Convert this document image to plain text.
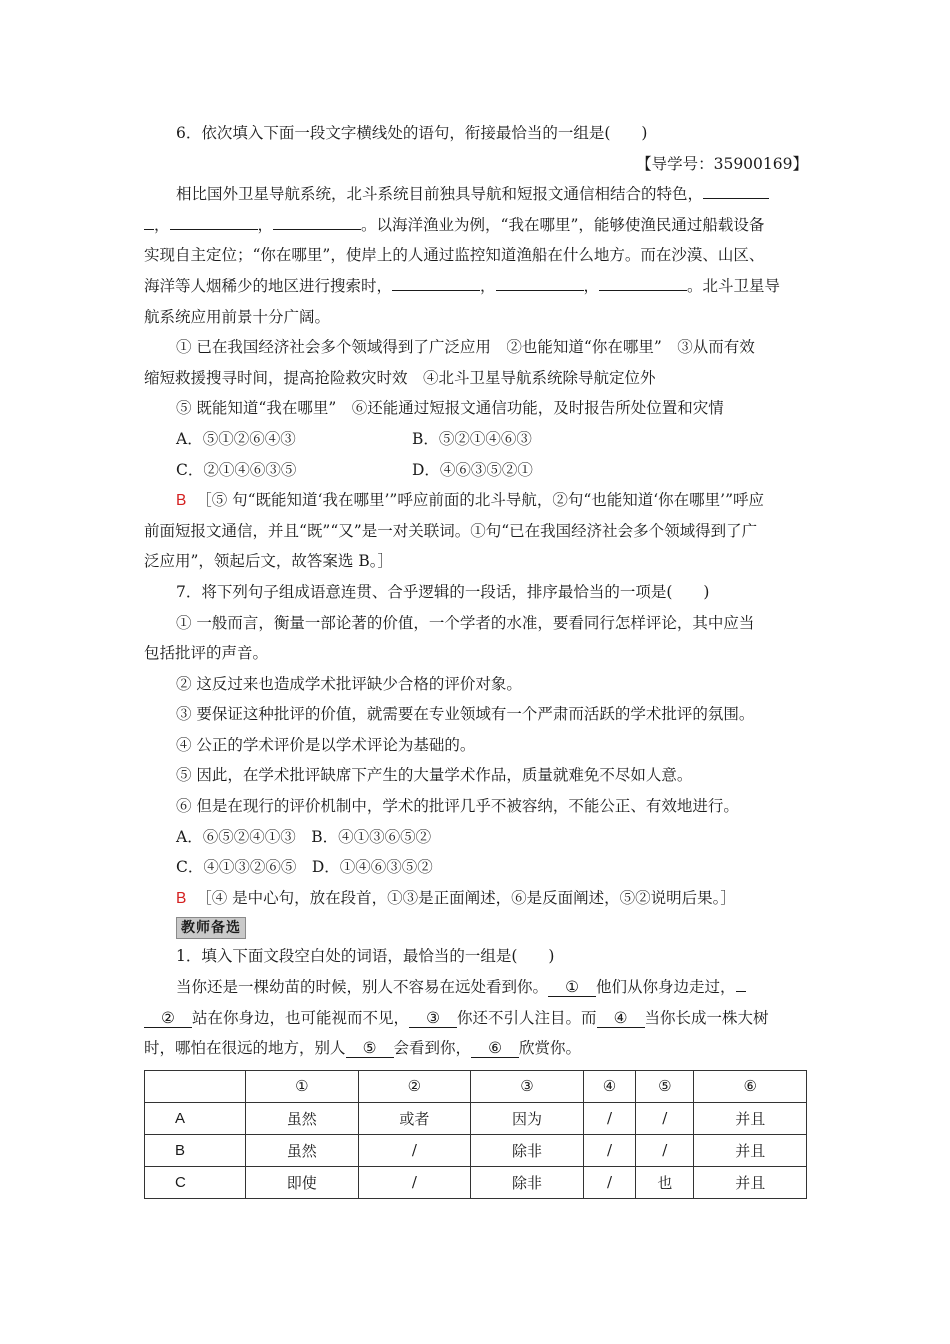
6．依次填入下面一段文字横线处的语句，衔接最恰当的一组是(　　)
【导学号：35900169】
相比国外卫星导航系统，北斗系统目前独具导航和短报文通信相结合的特色，
，	，	。以海洋渔业为例，“我在哪里”，能够使渔民通过船载设备
实现自主定位；“你在哪里”，使岸上的人通过监控知道渔船在什么地方。而在沙漠、山区、
海洋等人烟稀少的地区进行搜索时，	，	，	。北斗卫星导
航系统应用前景十分广阔。
① 已在我国经济社会多个领域得到了广泛应用　②也能知道“你在哪里”　③从而有效
缩短救援搜寻时间，提高抢险救灾时效　④北斗卫星导航系统除导航定位外
⑤ 既能知道“我在哪里”　⑥还能通过短报文通信功能，及时报告所处位置和灾情
A．⑤①②⑥④③	B．⑤②①④⑥③
C．②①④⑥③⑤	D．④⑥③⑤②①
B ［⑤ 句“既能知道‘我在哪里’”呼应前面的北斗导航，②句“也能知道‘你在哪里’”呼应
前面短报文通信，并且“既”“又”是一对关联词。①句“已在我国经济社会多个领域得到了广
泛应用”，领起后文，故答案选 B。］
7．将下列句子组成语意连贯、合乎逻辑的一段话，排序最恰当的一项是(　　)
① 一般而言，衡量一部论著的价值，一个学者的水准，要看同行怎样评论，其中应当
包括批评的声音。
② 这反过来也造成学术批评缺少合格的评价对象。
③ 要保证这种批评的价值，就需要在专业领域有一个严肃而活跃的学术批评的氛围。
④ 公正的学术评价是以学术评论为基础的。
⑤ 因此，在学术批评缺席下产生的大量学术作品，质量就难免不尽如人意。
⑥ 但是在现行的评价机制中，学术的批评几乎不被容纳，不能公正、有效地进行。
A．⑥⑤②④①③　B．④①③⑥⑤②
C．④①③②⑥⑤　D．①④⑥③⑤②
B ［④ 是中心句，放在段首，①③是正面阐述，⑥是反面阐述，⑤②说明后果。］
教师备选
1．填入下面文段空白处的词语，最恰当的一组是(　　)
当你还是一棵幼苗的时候，别人不容易在远处看到你。 ① 他们从你身边走过，
② 站在你身边，也可能视而不见， ③ 你还不引人注目。而 ④ 当你长成一株大树
时，哪怕在很远的地方，别人 ⑤ 会看到你， ⑥ 欣赏你。
	①	②	③	④	⑤	⑥
A	虽然	或者	因为	/	/	并且
B	虽然	/	除非	/	/	并且
C	即使	/	除非	/	也	并且
